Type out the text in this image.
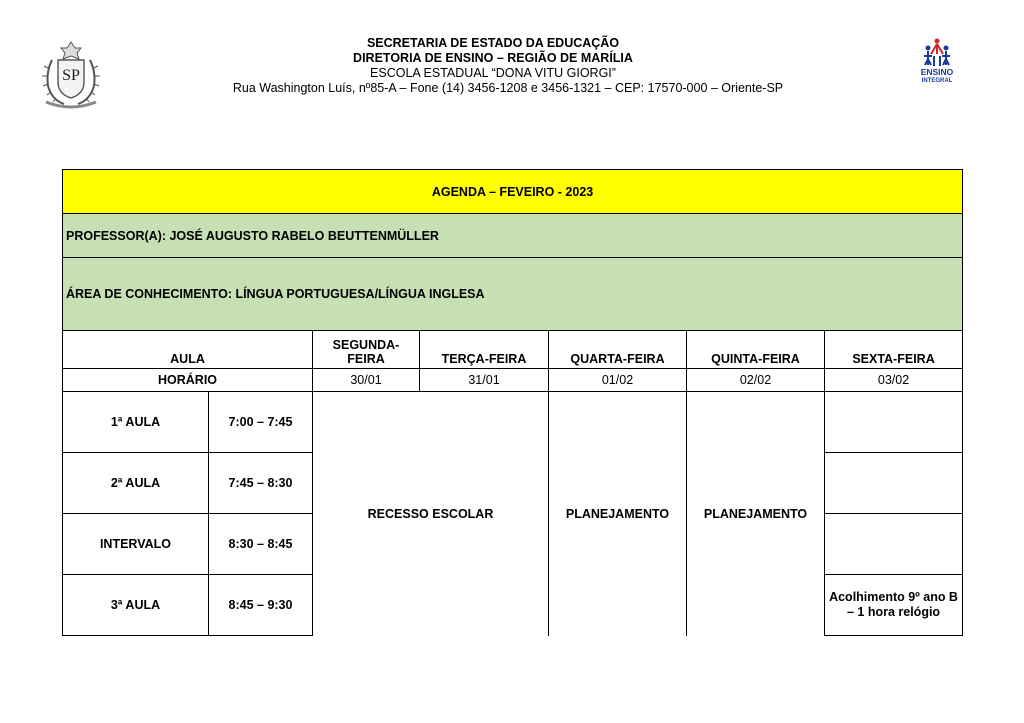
SP
SECRETARIA DE ESTADO DA EDUCAÇÃO
DIRETORIA DE ENSINO – REGIÃO DE MARÍLIA
ESCOLA ESTADUAL “DONA VITU GIORGI”
Rua Washington Luís, nº85-A – Fone (14) 3456-1208 e 3456-1321 – CEP: 17570-000 – Oriente-SP
ENSINO
INTEGRAL
AGENDA – FEVEIRO - 2023						
PROFESSOR(A): JOSÉ AUGUSTO RABELO BEUTTENMÜLLER						
ÁREA DE CONHECIMENTO: LÍNGUA PORTUGUESA/LÍNGUA INGLESA						
AULA		SEGUNDA-FEIRA	TERÇA-FEIRA	QUARTA-FEIRA	QUINTA-FEIRA	SEXTA-FEIRA
HORÁRIO		30/01	31/01	01/02	02/02	03/02
1ª AULA	7:00 – 7:45	RECESSO ESCOLAR		PLANEJAMENTO	PLANEJAMENTO	
2ª AULA	7:45 – 8:30					
INTERVALO	8:30 – 8:45					
3ª AULA	8:45 – 9:30					Acolhimento 9º ano B – 1 hora relógio
